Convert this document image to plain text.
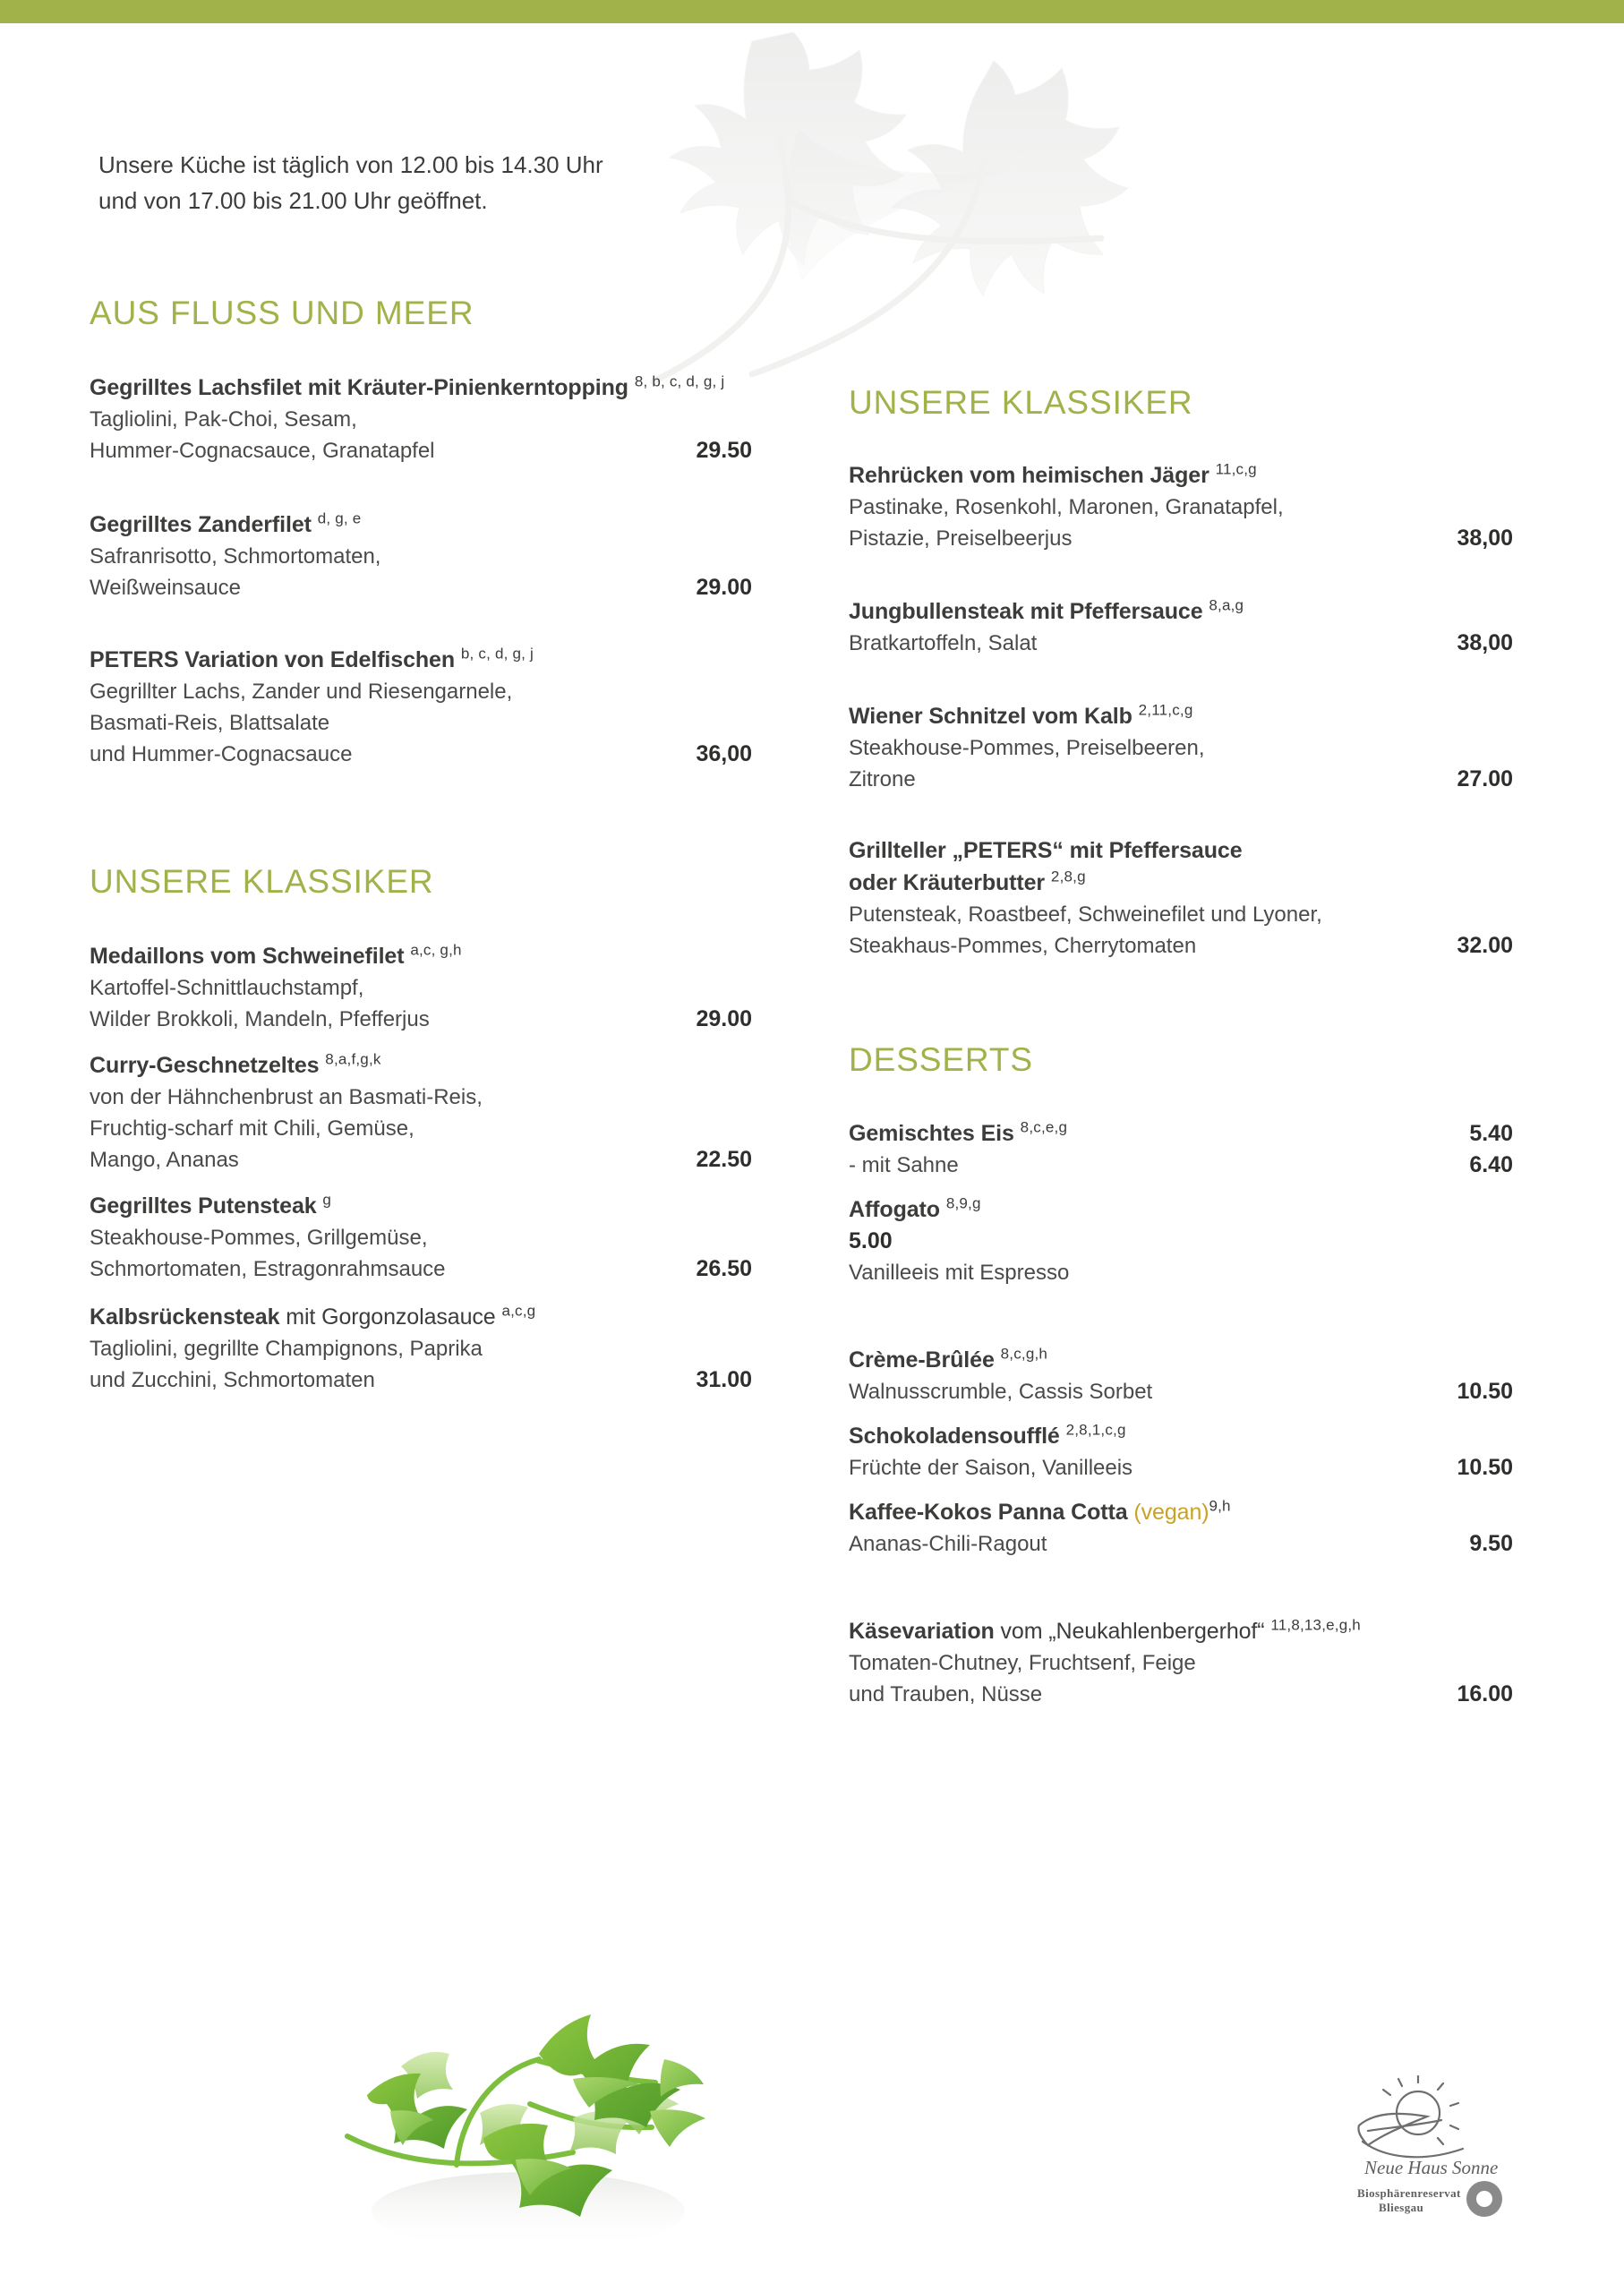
Unsere Küche ist täglich von 12.00 bis 14.30 Uhr
und von 17.00 bis 21.00 Uhr geöffnet.
AUS FLUSS UND MEER
Gegrilltes Lachsfilet mit Kräuter-Pinienkerntopping $^{8, b, c, d, g, j}$
Tagliolini, Pak-Choi, Sesam,
Hummer-Cognacsauce, Granatapfel	29.50
Gegrilltes Zanderfilet $^{d, g, e}$
Safranrisotto, Schmortomaten,
Weißweinsauce	29.00
PETERS Variation von Edelfischen $^{b, c, d, g, j}$
Gegrillter Lachs, Zander und Riesengarnele,
Basmati-Reis, Blattsalate
und Hummer-Cognacsauce	36,00
UNSERE KLASSIKER
Medaillons vom Schweinefilet $^{a,c, g,h}$
Kartoffel-Schnittlauchstampf,
Wilder Brokkoli, Mandeln, Pfefferjus	29.00
Curry-Geschnetzeltes $^{8,a,f,g,k}$
von der Hähnchenbrust an Basmati-Reis,
Fruchtig-scharf mit Chili, Gemüse,
Mango, Ananas	22.50
Gegrilltes Putensteak $^g$
Steakhouse-Pommes, Grillgemüse,
Schmortomaten, Estragonrahmsauce	26.50
Kalbsrückensteak mit Gorgonzolasauce $^{a,c,g}$
Tagliolini, gegrillte Champignons, Paprika
und Zucchini, Schmortomaten	31.00
UNSERE KLASSIKER
Rehrücken vom heimischen Jäger $^{11,c,g}$
Pastinake, Rosenkohl, Maronen, Granatapfel,
Pistazie, Preiselbeerjus	38,00
Jungbullensteak mit Pfeffersauce $^{8,a,g}$
Bratkartoffeln, Salat	38,00
Wiener Schnitzel vom Kalb $^{2,11,c,g}$
Steakhouse-Pommes, Preiselbeeren,
Zitrone	27.00
Grillteller „PETERS“ mit Pfeffersauce
oder Kräuterbutter $^{2,8,g}$
Putensteak, Roastbeef, Schweinefilet und Lyoner,
Steakhaus-Pommes, Cherrytomaten	32.00
DESSERTS
Gemischtes Eis $^{8,c,e,g}$	5.40
- mit Sahne	6.40
Affogato $^{8,9,g}$
5.00
Vanilleeis mit Espresso
Crème-Brûlée $^{8,c,g,h}$
Walnusscrumble, Cassis Sorbet	10.50
Schokoladensoufflé $^{2,8,1,c,g}$
Früchte der Saison, Vanilleeis	10.50
Kaffee-Kokos Panna Cotta (vegan)$^{9,h}$
Ananas-Chili-Ragout	9.50
Käsevariation vom „Neukahlenbergerhof“ $^{11,8,13,e,g,h}$
Tomaten-Chutney, Fruchtsenf, Feige
und Trauben, Nüsse	16.00
Neue Haus Sonne
Biosphärenreservat
Bliesgau
